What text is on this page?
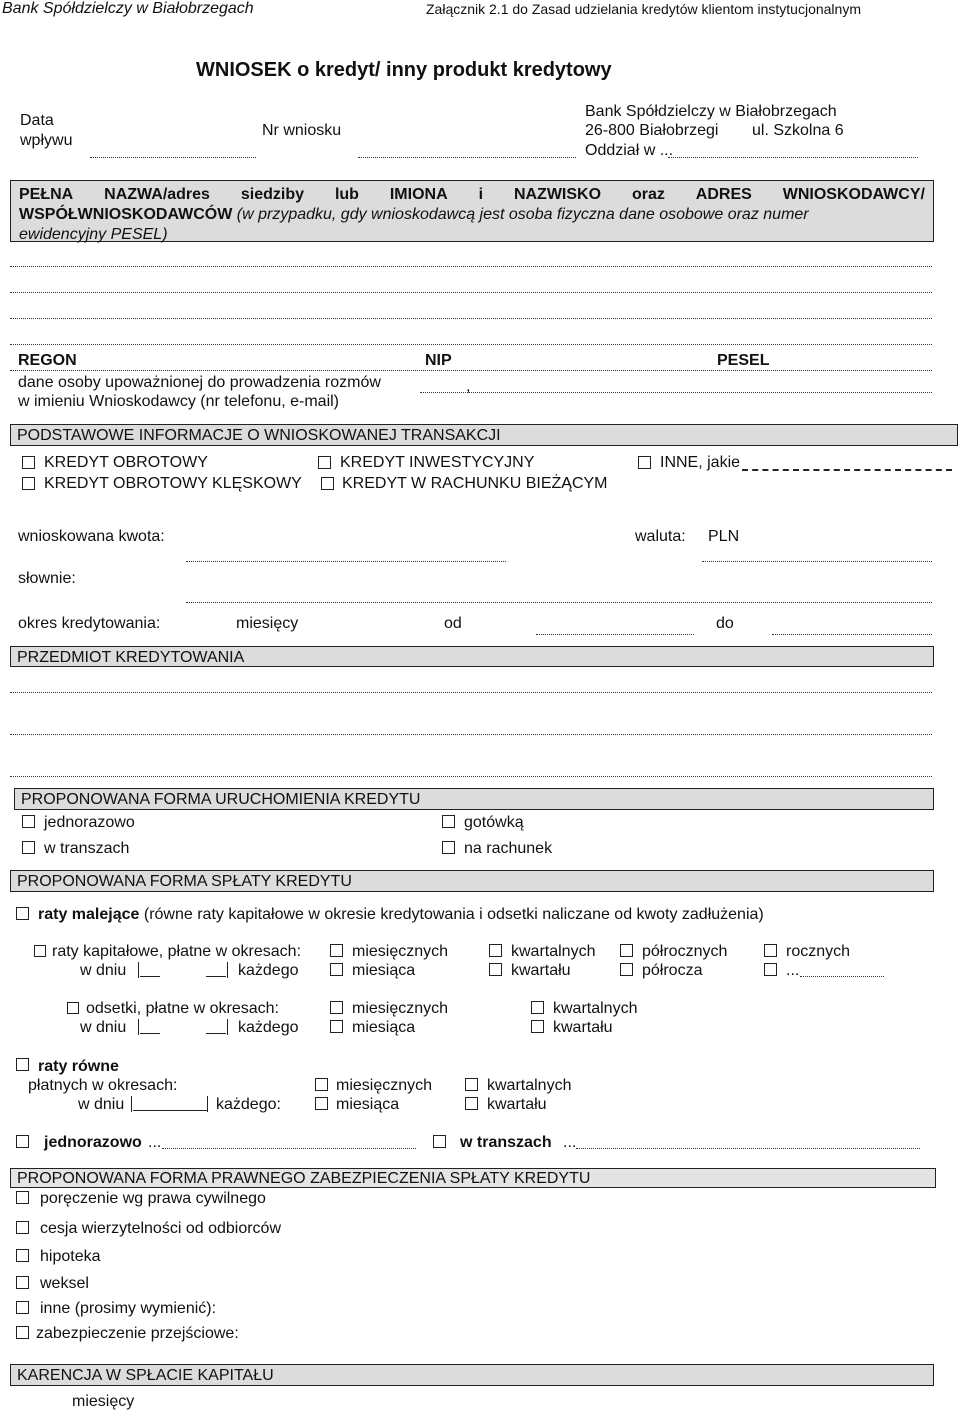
Bank Spółdzielczy w Białobrzegach	Załącznik 2.1 do Zasad udzielania kredytów klientom instytucjonalnym
WNIOSEK o kredyt/ inny produkt kredytowy
Data
wpływu
Nr wniosku
Bank Spółdzielczy w Białobrzegach
26-800 Białobrzegi ul. Szkolna 6
Oddział w ...
PEŁNA NAZWA/adres siedziby lub IMIONA i NAZWISKO oraz ADRES WNIOSKODAWCY/
WSPÓŁWNIOSKODAWCÓW (w przypadku, gdy wnioskodawcą jest osoba fizyczna dane osobowe oraz numer
ewidencyjny PESEL)
REGON	NIP	PESEL
dane osoby upoważnionej do prowadzenia rozmów
w imieniu Wnioskodawcy (nr telefonu, e-mail)
,
PODSTAWOWE INFORMACJE O WNIOSKOWANEJ TRANSAKCJI
KREDYT OBROTOWY	KREDYT INWESTYCYJNY	INNE, jakie
KREDYT OBROTOWY KLĘSKOWY	KREDYT W RACHUNKU BIEŻĄCYM
wnioskowana kwota:	waluta: PLN
słownie:
okres kredytowania:	miesięcy	od	do
PRZEDMIOT KREDYTOWANIA
PROPONOWANA FORMA URUCHOMIENIA KREDYTU
jednorazowo	gotówką
w transzach	na rachunek
PROPONOWANA FORMA SPŁATY KREDYTU
raty malejące (równe raty kapitałowe w okresie kredytowania i odsetki naliczane od kwoty zadłużenia)
raty kapitałowe, płatne w okresach:	miesięcznych	kwartalnych	półrocznych	rocznych
w dniu	każdego	miesiąca	kwartału	półrocza	...
odsetki, płatne w okresach:	miesięcznych	kwartalnych
w dniu	każdego	miesiąca	kwartału
raty równe
płatnych w okresach:	miesięcznych	kwartalnych
w dniu	każdego:	miesiąca	kwartału
jednorazowo ...	w transzach ...
PROPONOWANA FORMA PRAWNEGO ZABEZPIECZENIA SPŁATY KREDYTU
poręczenie wg prawa cywilnego
cesja wierzytelności od odbiorców
hipoteka
weksel
inne (prosimy wymienić):
zabezpieczenie przejściowe:
KARENCJA W SPŁACIE KAPITAŁU
miesięcy
